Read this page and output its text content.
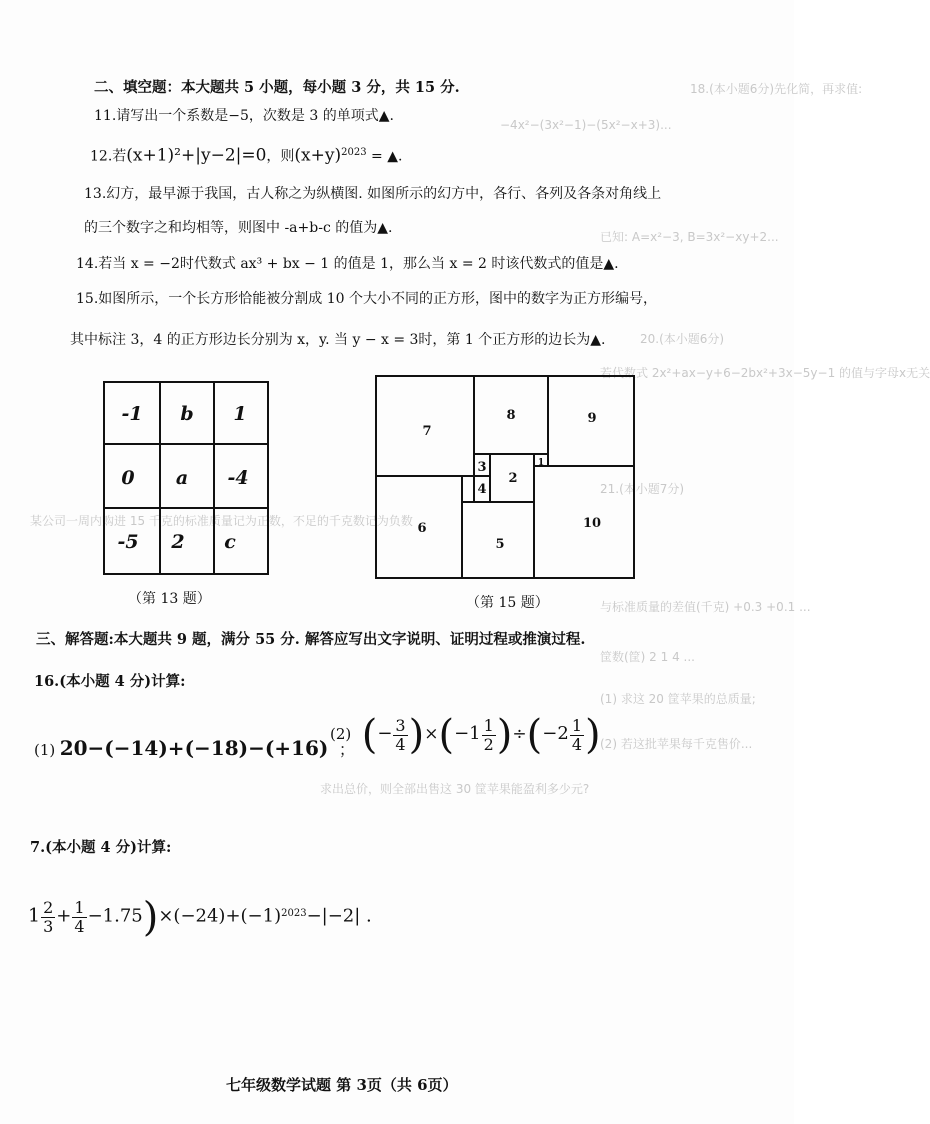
18.(本小题6分)先化简，再求值:
−4x²−(3x²−1)−(5x²−x+3)...
已知: A=x²−3, B=3x²−xy+2...
20.(本小题6分)
若代数式 2x²+ax−y+6−2bx²+3x−5y−1 的值与字母x无关
21.(本小题7分)
某公司一周内购进 15 千克的标准质量记为正数，不足的千克数记为负数
与标准质量的差值(千克) +0.3 +0.1 ...
筐数(筐) 2 1 4 ...
(1) 求这 20 筐苹果的总质量;
(2) 若这批苹果每千克售价...
求出总价，则全部出售这 30 筐苹果能盈利多少元?
二、填空题：本大题共 5 小题，每小题 3 分，共 15 分.
11.请写出一个系数是−5，次数是 3 的单项式▲.
12.若(x+1)²+|y−2|=0，则$(x+y)^{2023}$ = ▲.
13.幻方，最早源于我国，古人称之为纵横图. 如图所示的幻方中，各行、各列及各条对角线上
的三个数字之和均相等，则图中 -a+b-c 的值为▲.
14.若当 x = −2时代数式 ax³ + bx − 1 的值是 1，那么当 x = 2 时该代数式的值是▲.
15.如图所示，一个长方形恰能被分割成 10 个大小不同的正方形，图中的数字为正方形编号，
其中标注 3，4 的正方形边长分别为 x，y. 当 y − x = 3时，第 1 个正方形的边长为▲.
-1 b 1
0 a -4
-5 2 c
（第 13 题）
7
8	9
3
2
1
4
6
5
10
（第 15 题）
三、解答题:本大题共 9 题，满分 55 分. 解答应写出文字说明、证明过程或推演过程.
16.(本小题 4 分)计算:
(1) 20−(−14)+(−18)−(+16) ；
(2) (− $\frac{3}{4} )\times(-1 \frac{1}{2} )\div(-2 \frac{1}{4}$ )
7.(本小题 4 分)计算:
$1 \frac{2}{3} + \frac{1}{4} -1.75)\times(-24)+(-1)^{2023}-|-2|$ .
七年级数学试题 第 3页（共 6页）
